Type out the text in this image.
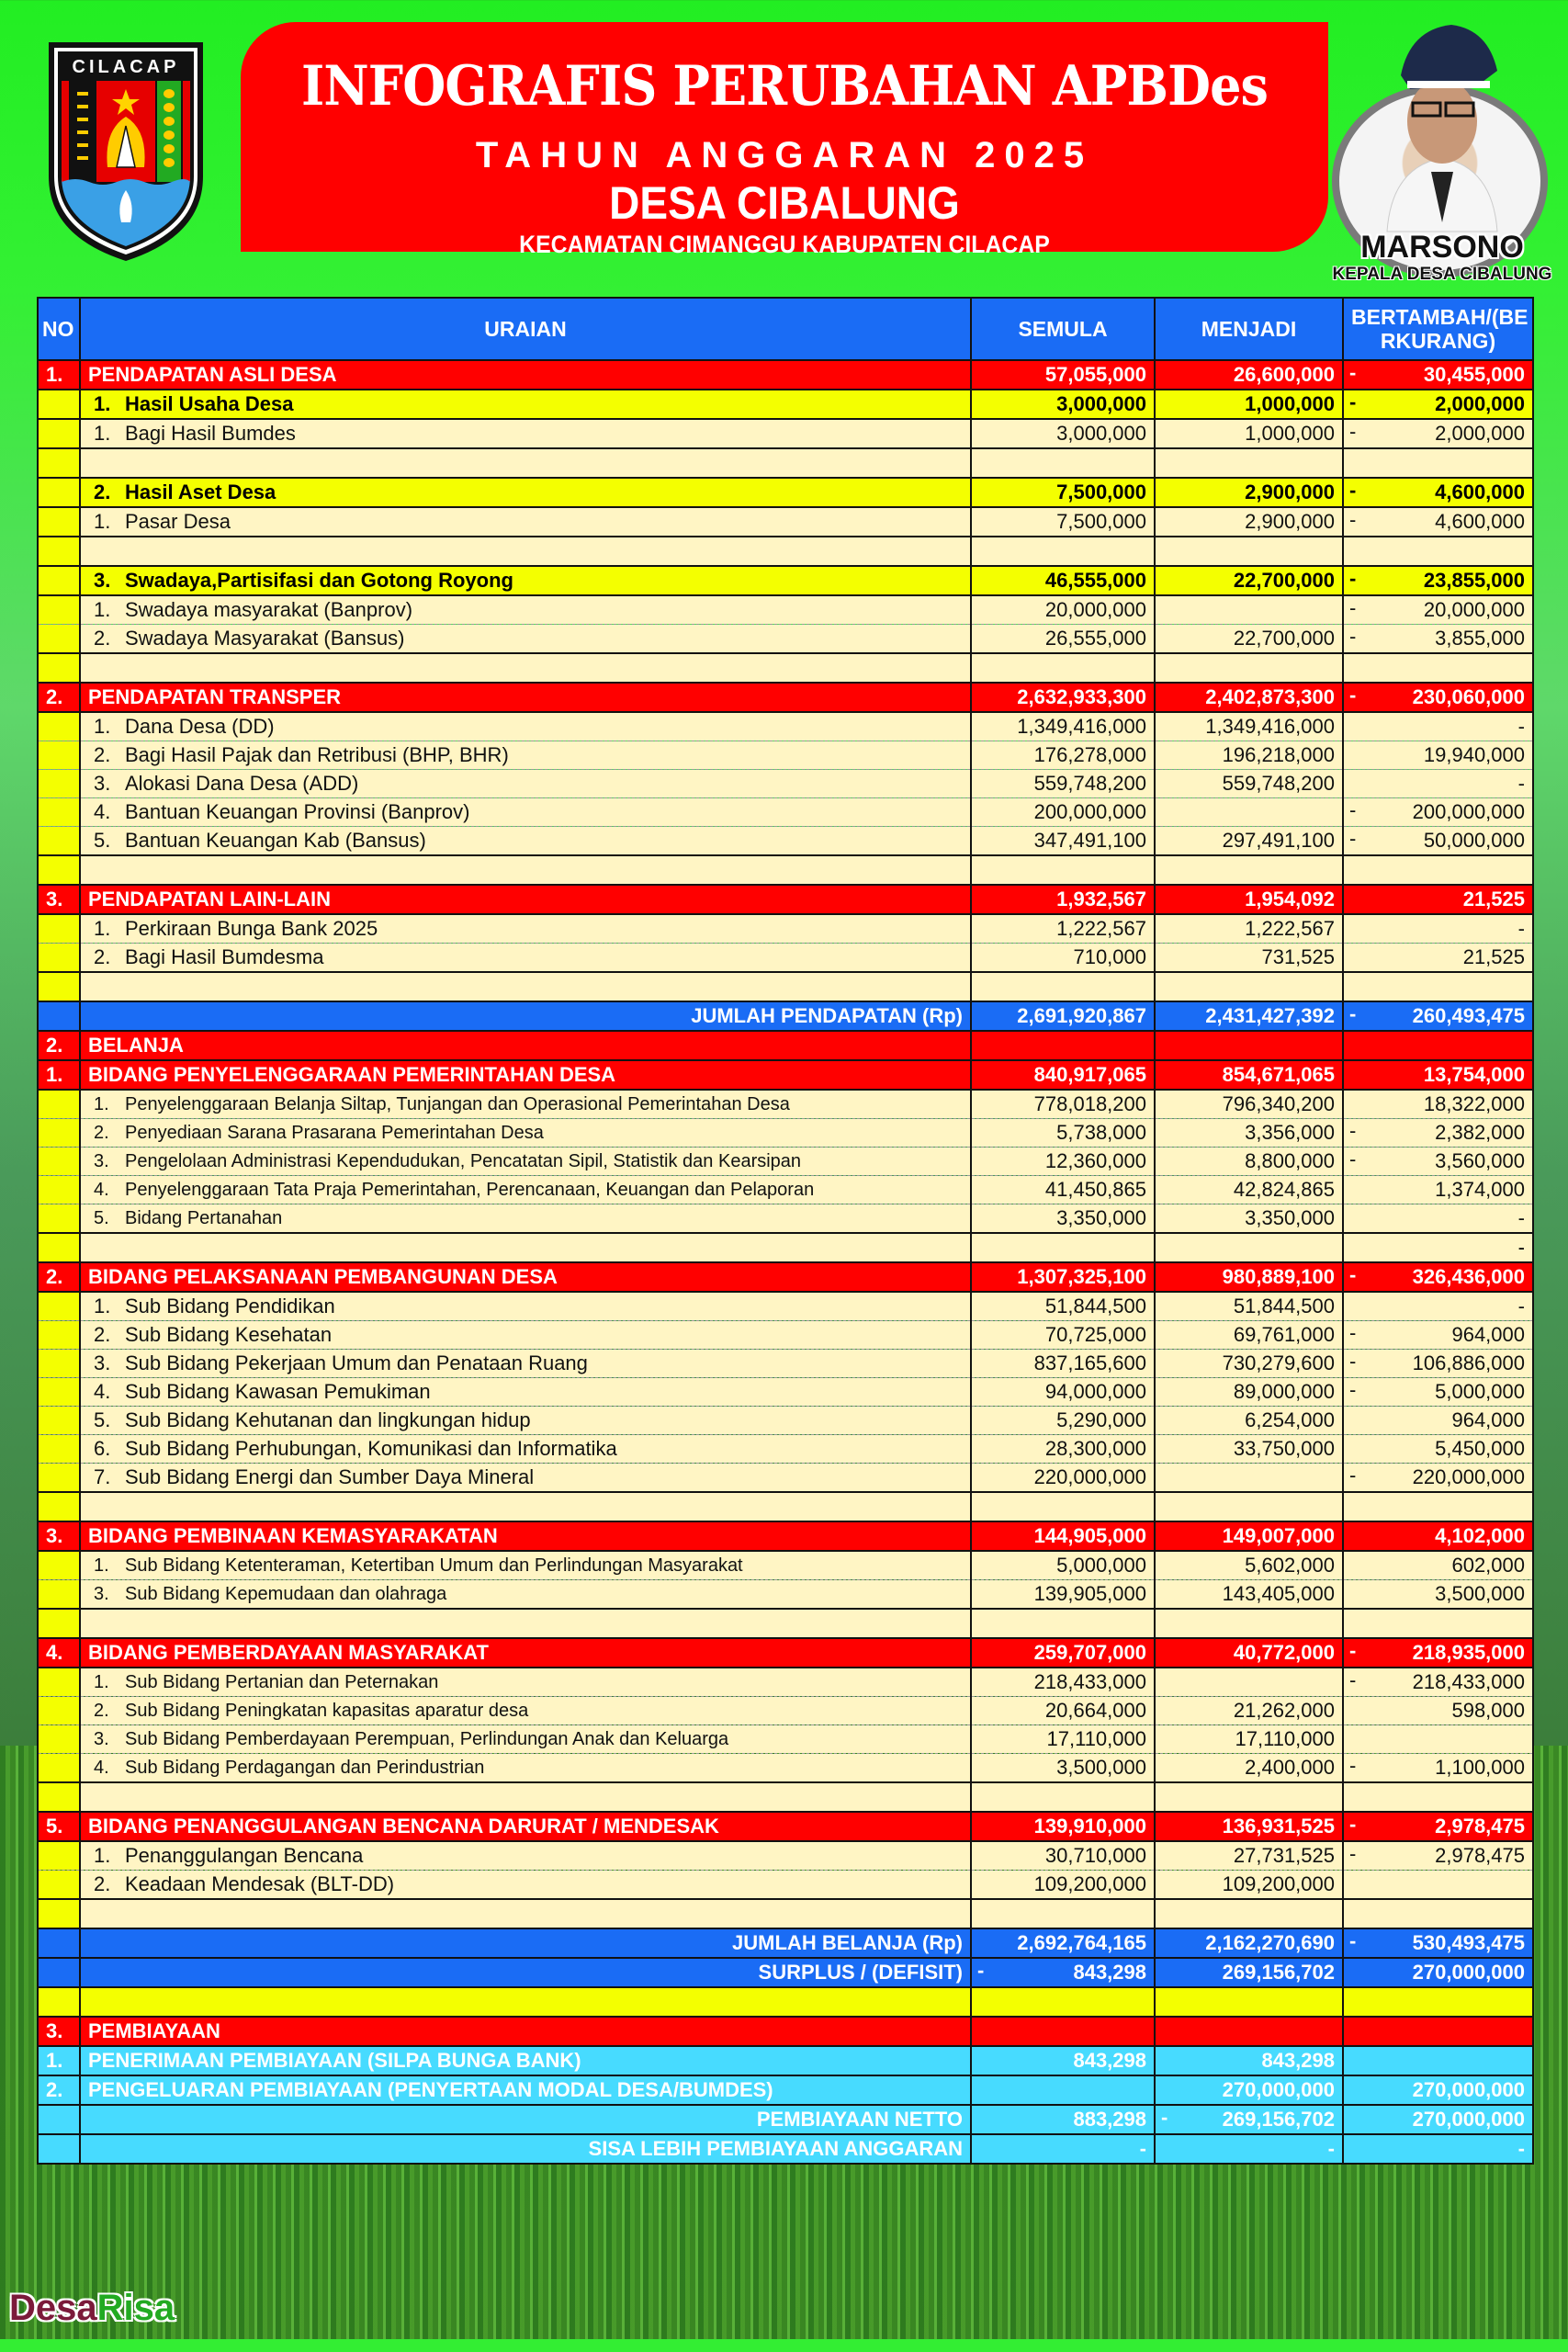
CILACAP INFOGRAFIS PERUBAHAN APBDes
TAHUN ANGGARAN 2025
DESA CIBALUNG
KECAMATAN CIMANGGU KABUPATEN CILACAP	MARSONO
KEPALA DESA CIBALUNG
NO	URAIAN	SEMULA	MENJADI	BERTAMBAH/(BE RKURANG)
1.	PENDAPATAN ASLI DESA	57,055,000	26,600,000	- 30,455,000
	1. Hasil Usaha Desa	3,000,000	1,000,000	- 2,000,000
	1. Bagi Hasil Bumdes	3,000,000	1,000,000	- 2,000,000

	2. Hasil Aset Desa	7,500,000	2,900,000	- 4,600,000
	1. Pasar Desa	7,500,000	2,900,000	- 4,600,000

	3. Swadaya,Partisifasi dan Gotong Royong	46,555,000	22,700,000	- 23,855,000
	1. Swadaya masyarakat (Banprov)	20,000,000		- 20,000,000
	2. Swadaya Masyarakat (Bansus)	26,555,000	22,700,000	- 3,855,000

2.	PENDAPATAN TRANSPER	2,632,933,300	2,402,873,300	- 230,060,000
	1. Dana Desa (DD)	1,349,416,000	1,349,416,000	-
	2. Bagi Hasil Pajak dan Retribusi (BHP, BHR)	176,278,000	196,218,000	19,940,000
	3. Alokasi Dana Desa (ADD)	559,748,200	559,748,200	-
	4. Bantuan Keuangan Provinsi (Banprov)	200,000,000		- 200,000,000
	5. Bantuan Keuangan Kab (Bansus)	347,491,100	297,491,100	- 50,000,000

3.	PENDAPATAN LAIN-LAIN	1,932,567	1,954,092	21,525
	1. Perkiraan Bunga Bank 2025	1,222,567	1,222,567	-
	2. Bagi Hasil Bumdesma	710,000	731,525	21,525

	JUMLAH PENDAPATAN (Rp)	2,691,920,867	2,431,427,392	- 260,493,475
2.	BELANJA			

1.	BIDANG PENYELENGGARAAN PEMERINTAHAN DESA	840,917,065	854,671,065	13,754,000
	1. Penyelenggaraan Belanja Siltap, Tunjangan dan Operasional Pemerintahan Desa	778,018,200	796,340,200	18,322,000
	2. Penyediaan Sarana Prasarana Pemerintahan Desa	5,738,000	3,356,000	- 2,382,000
	3. Pengelolaan Administrasi Kependudukan, Pencatatan Sipil, Statistik dan Kearsipan	12,360,000	8,800,000	- 3,560,000
	4. Penyelenggaraan Tata Praja Pemerintahan, Perencanaan, Keuangan dan Pelaporan	41,450,865	42,824,865	1,374,000
	5. Bidang Pertanahan	3,350,000	3,350,000	-
				-
2.	BIDANG PELAKSANAAN PEMBANGUNAN DESA	1,307,325,100	980,889,100	- 326,436,000
	1. Sub Bidang Pendidikan	51,844,500	51,844,500	-
	2. Sub Bidang Kesehatan	70,725,000	69,761,000	- 964,000
	3. Sub Bidang Pekerjaan Umum dan Penataan Ruang	837,165,600	730,279,600	- 106,886,000
	4. Sub Bidang Kawasan Pemukiman	94,000,000	89,000,000	- 5,000,000
	5. Sub Bidang Kehutanan dan lingkungan hidup	5,290,000	6,254,000	964,000
	6. Sub Bidang Perhubungan, Komunikasi dan Informatika	28,300,000	33,750,000	5,450,000
	7. Sub Bidang Energi dan Sumber Daya Mineral	220,000,000		- 220,000,000

3.	BIDANG PEMBINAAN KEMASYARAKATAN	144,905,000	149,007,000	4,102,000
	1. Sub Bidang Ketenteraman, Ketertiban Umum dan Perlindungan Masyarakat	5,000,000	5,602,000	602,000
	3. Sub Bidang Kepemudaan dan olahraga	139,905,000	143,405,000	3,500,000

4.	BIDANG PEMBERDAYAAN MASYARAKAT	259,707,000	40,772,000	- 218,935,000
	1. Sub Bidang Pertanian dan Peternakan	218,433,000		- 218,433,000
	2. Sub Bidang Peningkatan kapasitas aparatur desa	20,664,000	21,262,000	598,000
	3. Sub Bidang Pemberdayaan Perempuan, Perlindungan Anak dan Keluarga	17,110,000	17,110,000	

	4. Sub Bidang Perdagangan dan Perindustrian	3,500,000	2,400,000	- 1,100,000

5.	BIDANG PENANGGULANGAN BENCANA DARURAT / MENDESAK	139,910,000	136,931,525	- 2,978,475
	1. Penanggulangan Bencana	30,710,000	27,731,525	- 2,978,475
	2. Keadaan Mendesak (BLT-DD)	109,200,000	109,200,000	

	JUMLAH BELANJA (Rp)	2,692,764,165	2,162,270,690	- 530,493,475
	SURPLUS / (DEFISIT)	- 843,298	269,156,702	270,000,000

3.	PEMBIAYAAN			

1.	PENERIMAAN PEMBIAYAAN (SILPA BUNGA BANK)	843,298	843,298	

2.	PENGELUARAN PEMBIAYAAN (PENYERTAAN MODAL DESA/BUMDES)		270,000,000	270,000,000
	PEMBIAYAAN NETTO	883,298	- 269,156,702	270,000,000
	SISA LEBIH PEMBIAYAAN ANGGARAN	-	-	-
DesaRisa
